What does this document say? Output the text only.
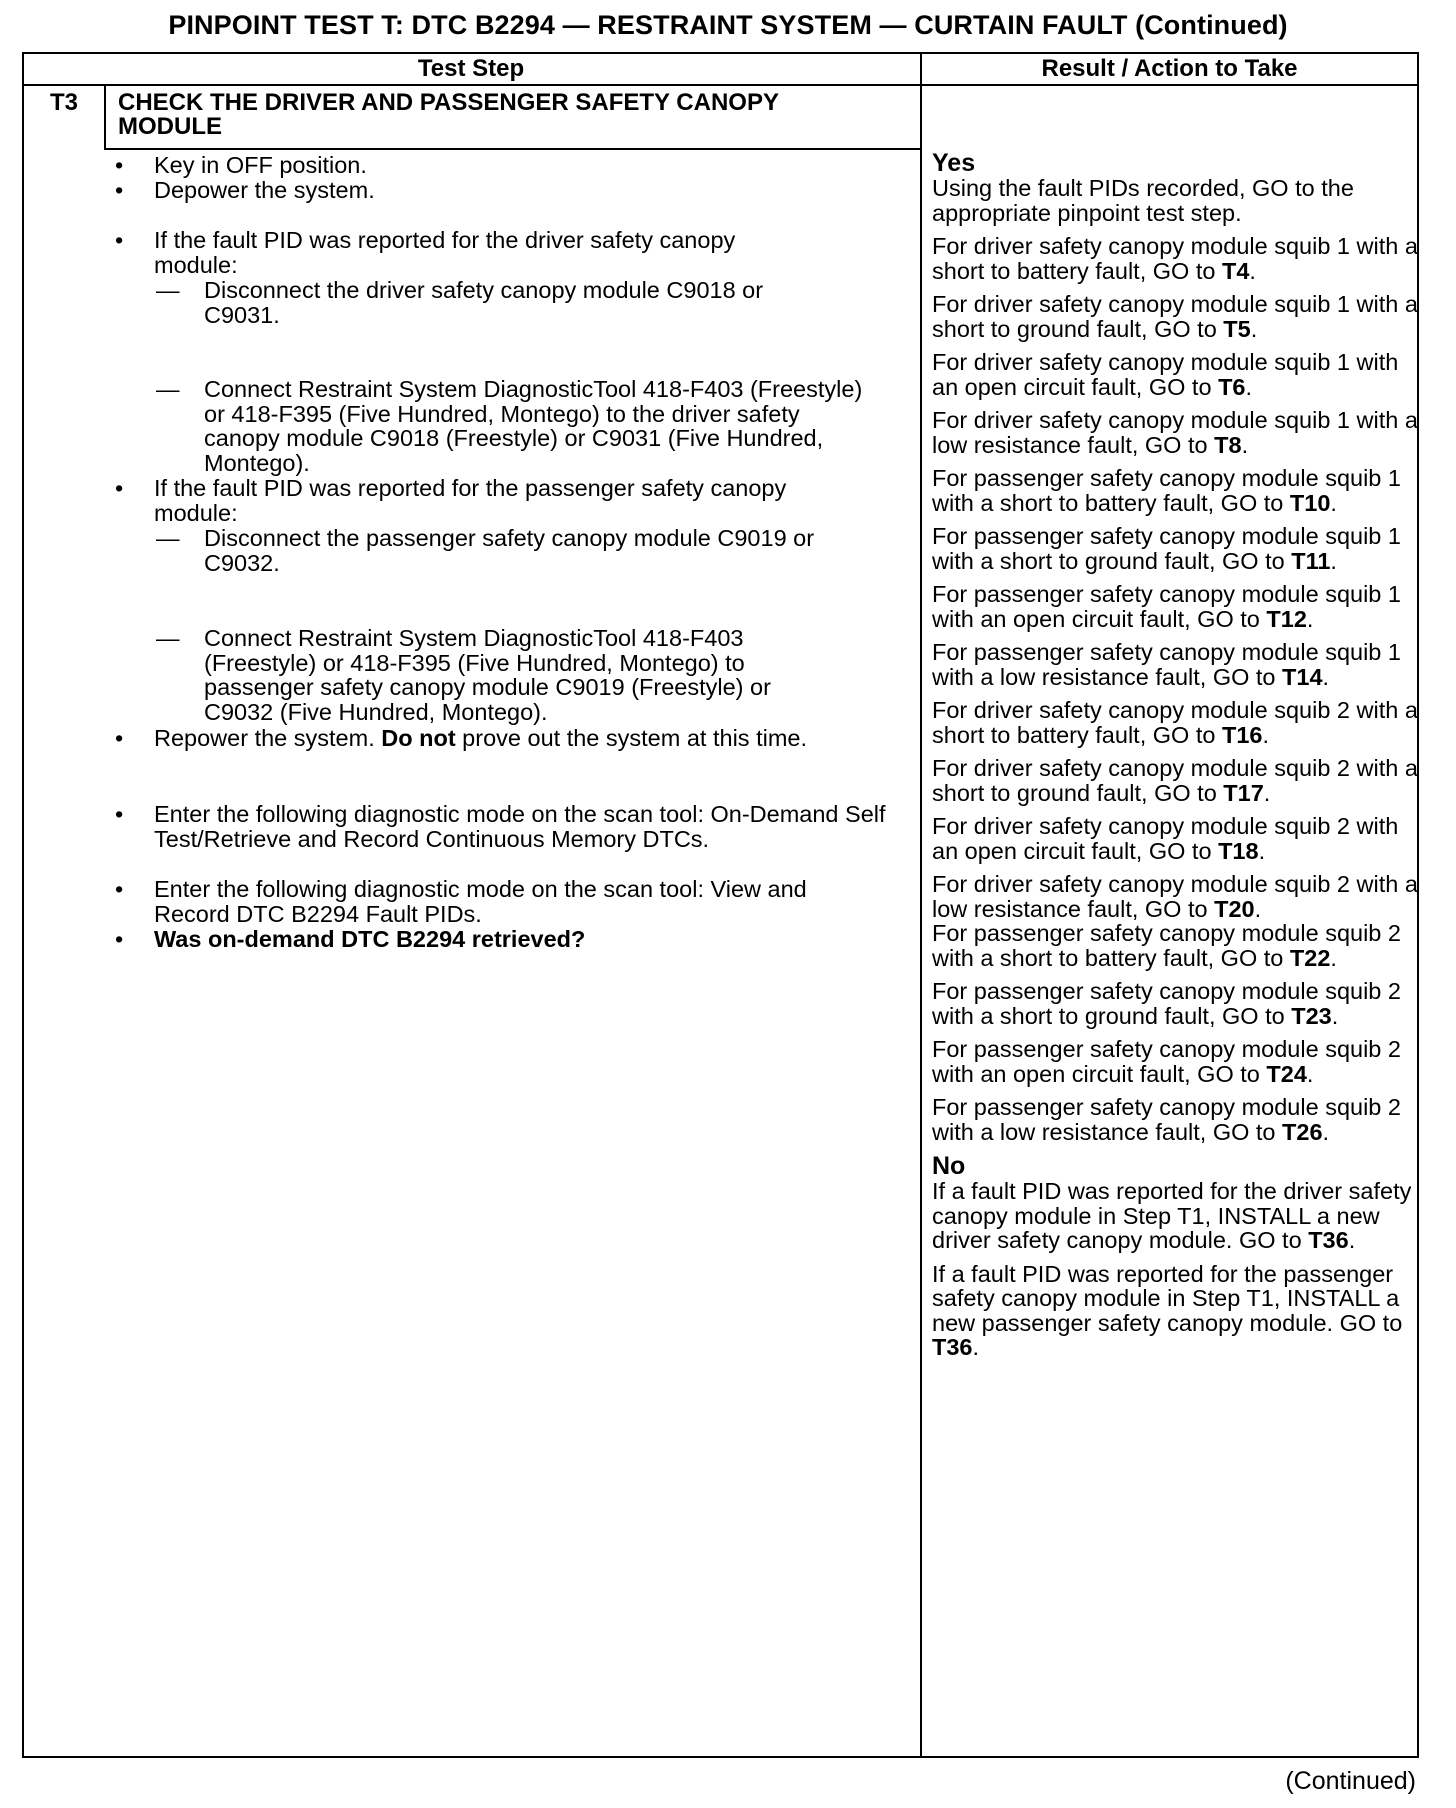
PINPOINT TEST T: DTC B2294 — RESTRAINT SYSTEM — CURTAIN FAULT (Continued)
Test Step	Result / Action to Take
T3	CHECK THE DRIVER AND PASSENGER SAFETY CANOPY MODULE
• Key in OFF position.
• Depower the system.
• If the fault PID was reported for the driver safety canopy module:
— Disconnect the driver safety canopy module C9018 or C9031.
— Connect Restraint System DiagnosticTool 418-F403 (Freestyle) or 418-F395 (Five Hundred, Montego) to the driver safety canopy module C9018 (Freestyle) or C9031 (Five Hundred, Montego).
• If the fault PID was reported for the passenger safety canopy module:
— Disconnect the passenger safety canopy module C9019 or C9032.
— Connect Restraint System DiagnosticTool 418-F403 (Freestyle) or 418-F395 (Five Hundred, Montego) to passenger safety canopy module C9019 (Freestyle) or C9032 (Five Hundred, Montego).
• Repower the system. Do not prove out the system at this time.
• Enter the following diagnostic mode on the scan tool: On-Demand Self Test/Retrieve and Record Continuous Memory DTCs.
• Enter the following diagnostic mode on the scan tool: View and Record DTC B2294 Fault PIDs.
• Was on-demand DTC B2294 retrieved?
Yes
Using the fault PIDs recorded, GO to the appropriate pinpoint test step.
For driver safety canopy module squib 1 with a short to battery fault, GO to T4.
For driver safety canopy module squib 1 with a short to ground fault, GO to T5.
For driver safety canopy module squib 1 with an open circuit fault, GO to T6.
For driver safety canopy module squib 1 with a low resistance fault, GO to T8.
For passenger safety canopy module squib 1 with a short to battery fault, GO to T10.
For passenger safety canopy module squib 1 with a short to ground fault, GO to T11.
For passenger safety canopy module squib 1 with an open circuit fault, GO to T12.
For passenger safety canopy module squib 1 with a low resistance fault, GO to T14.
For driver safety canopy module squib 2 with a short to battery fault, GO to T16.
For driver safety canopy module squib 2 with a short to ground fault, GO to T17.
For driver safety canopy module squib 2 with an open circuit fault, GO to T18.
For driver safety canopy module squib 2 with a low resistance fault, GO to T20.
For passenger safety canopy module squib 2 with a short to battery fault, GO to T22.
For passenger safety canopy module squib 2 with a short to ground fault, GO to T23.
For passenger safety canopy module squib 2 with an open circuit fault, GO to T24.
For passenger safety canopy module squib 2 with a low resistance fault, GO to T26.
No
If a fault PID was reported for the driver safety canopy module in Step T1, INSTALL a new driver safety canopy module. GO to T36.
If a fault PID was reported for the passenger safety canopy module in Step T1, INSTALL a new passenger safety canopy module. GO to T36.
(Continued)
